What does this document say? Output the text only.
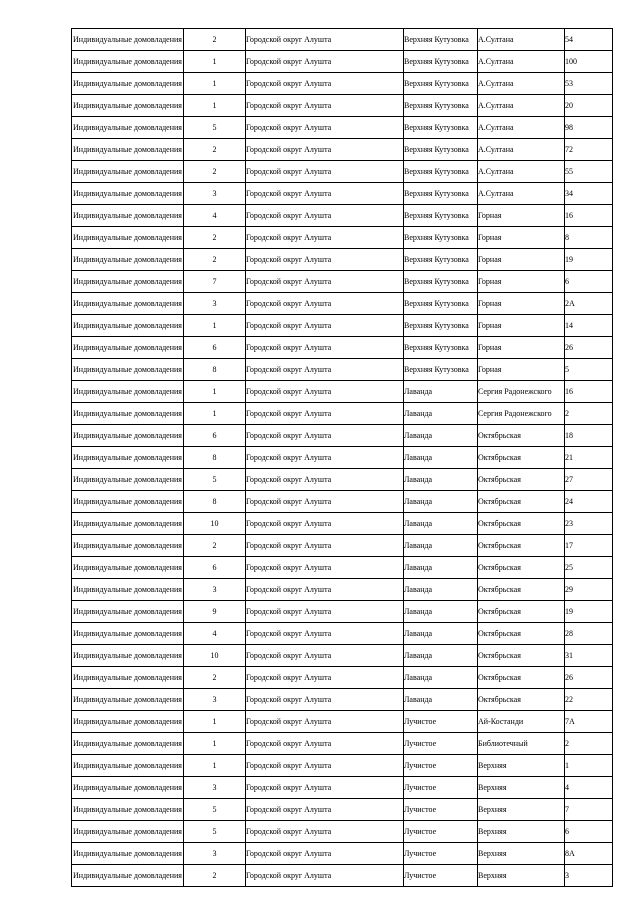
Индивидуальные домовладения	2	Городской округ Алушта	Верхняя Кутузовка	А.Султана	54
Индивидуальные домовладения	1	Городской округ Алушта	Верхняя Кутузовка	А.Султана	100
Индивидуальные домовладения	1	Городской округ Алушта	Верхняя Кутузовка	А.Султана	53
Индивидуальные домовладения	1	Городской округ Алушта	Верхняя Кутузовка	А.Султана	20
Индивидуальные домовладения	5	Городской округ Алушта	Верхняя Кутузовка	А.Султана	98
Индивидуальные домовладения	2	Городской округ Алушта	Верхняя Кутузовка	А.Султана	72
Индивидуальные домовладения	2	Городской округ Алушта	Верхняя Кутузовка	А.Султана	55
Индивидуальные домовладения	3	Городской округ Алушта	Верхняя Кутузовка	А.Султана	34
Индивидуальные домовладения	4	Городской округ Алушта	Верхняя Кутузовка	Горная	16
Индивидуальные домовладения	2	Городской округ Алушта	Верхняя Кутузовка	Горная	8
Индивидуальные домовладения	2	Городской округ Алушта	Верхняя Кутузовка	Горная	19
Индивидуальные домовладения	7	Городской округ Алушта	Верхняя Кутузовка	Горная	6
Индивидуальные домовладения	3	Городской округ Алушта	Верхняя Кутузовка	Горная	2А
Индивидуальные домовладения	1	Городской округ Алушта	Верхняя Кутузовка	Горная	14
Индивидуальные домовладения	6	Городской округ Алушта	Верхняя Кутузовка	Горная	26
Индивидуальные домовладения	8	Городской округ Алушта	Верхняя Кутузовка	Горная	5
Индивидуальные домовладения	1	Городской округ Алушта	Лаванда	Сергия Радонежского	16
Индивидуальные домовладения	1	Городской округ Алушта	Лаванда	Сергия Радонежского	2
Индивидуальные домовладения	6	Городской округ Алушта	Лаванда	Октябрьская	18
Индивидуальные домовладения	8	Городской округ Алушта	Лаванда	Октябрьская	21
Индивидуальные домовладения	5	Городской округ Алушта	Лаванда	Октябрьская	27
Индивидуальные домовладения	8	Городской округ Алушта	Лаванда	Октябрьская	24
Индивидуальные домовладения	10	Городской округ Алушта	Лаванда	Октябрьская	23
Индивидуальные домовладения	2	Городской округ Алушта	Лаванда	Октябрьская	17
Индивидуальные домовладения	6	Городской округ Алушта	Лаванда	Октябрьская	25
Индивидуальные домовладения	3	Городской округ Алушта	Лаванда	Октябрьская	29
Индивидуальные домовладения	9	Городской округ Алушта	Лаванда	Октябрьская	19
Индивидуальные домовладения	4	Городской округ Алушта	Лаванда	Октябрьская	28
Индивидуальные домовладения	10	Городской округ Алушта	Лаванда	Октябрьская	31
Индивидуальные домовладения	2	Городской округ Алушта	Лаванда	Октябрьская	26
Индивидуальные домовладения	3	Городской округ Алушта	Лаванда	Октябрьская	22
Индивидуальные домовладения	1	Городской округ Алушта	Лучистое	Ай-Костанди	7А
Индивидуальные домовладения	1	Городской округ Алушта	Лучистое	Библиотечный	2
Индивидуальные домовладения	1	Городской округ Алушта	Лучистое	Верхняя	1
Индивидуальные домовладения	3	Городской округ Алушта	Лучистое	Верхняя	4
Индивидуальные домовладения	5	Городской округ Алушта	Лучистое	Верхняя	7
Индивидуальные домовладения	5	Городской округ Алушта	Лучистое	Верхняя	6
Индивидуальные домовладения	3	Городской округ Алушта	Лучистое	Верхняя	8А
Индивидуальные домовладения	2	Городской округ Алушта	Лучистое	Верхняя	3
